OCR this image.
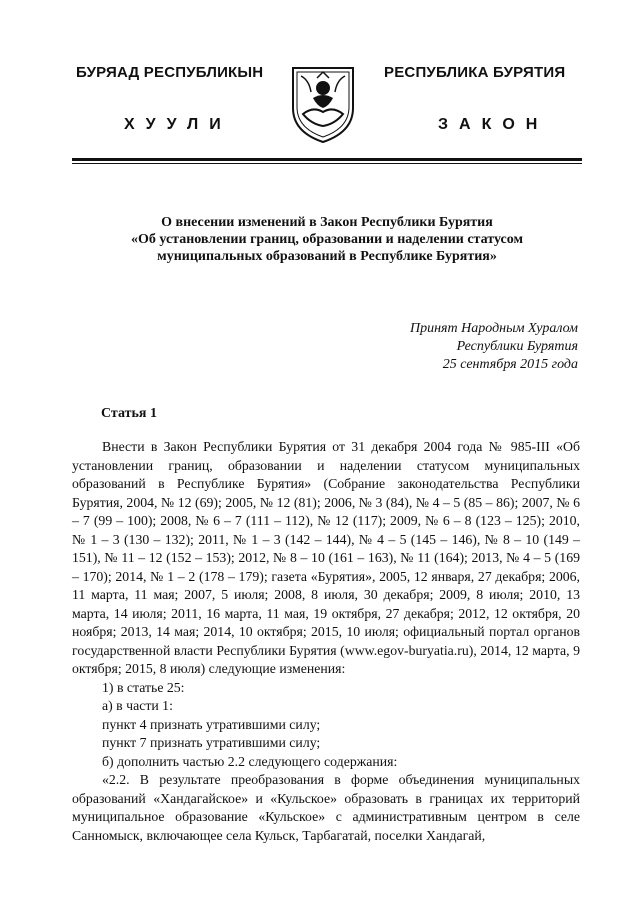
БУРЯАД РЕСПУБЛИКЫН	РЕСПУБЛИКА БУРЯТИЯ
ХУУЛИ	ЗАКОН
О внесении изменений в Закон Республики Бурятия
«Об установлении границ, образовании и наделении статусом
муниципальных образований в Республике Бурятия»
Принят Народным Хуралом
Республики Бурятия
25 сентября 2015 года
Статья 1

Внести в Закон Республики Бурятия от 31 декабря 2004 года № 985-III «Об установлении границ, образовании и наделении статусом муниципальных образований в Республике Бурятия» (Собрание законодательства Республики Бурятия, 2004, № 12 (69); 2005, № 12 (81); 2006, № 3 (84), № 4 – 5 (85 – 86); 2007, № 6 – 7 (99 – 100); 2008, № 6 – 7 (111 – 112), № 12 (117); 2009, № 6 – 8 (123 – 125); 2010, № 1 – 3 (130 – 132); 2011, № 1 – 3 (142 – 144), № 4 – 5 (145 – 146), № 8 – 10 (149 – 151), № 11 – 12 (152 – 153); 2012, № 8 – 10 (161 – 163), № 11 (164); 2013, № 4 – 5 (169 – 170); 2014, № 1 – 2 (178 – 179); газета «Бурятия», 2005, 12 января, 27 декабря; 2006, 11 марта, 11 мая; 2007, 5 июля; 2008, 8 июля, 30 декабря; 2009, 8 июля; 2010, 13 марта, 14 июля; 2011, 16 марта, 11 мая, 19 октября, 27 декабря; 2012, 12 октября, 20 ноября; 2013, 14 мая; 2014, 10 октября; 2015, 10 июля; официальный портал органов государственной власти Республики Бурятия (www.egov-buryatia.ru), 2014, 12 марта, 9 октября; 2015, 8 июля) следующие изменения:

1) в статье 25:

а) в части 1:

пункт 4 признать утратившими силу;

пункт 7 признать утратившими силу;

б) дополнить частью 2.2 следующего содержания:

«2.2. В результате преобразования в форме объединения муниципальных образований «Хандагайское» и «Кульское» образовать в границах их территорий муниципальное образование «Кульское» с административным центром в селе Санномыск, включающее села Кульск, Тарбагатай, поселки Хандагай,
